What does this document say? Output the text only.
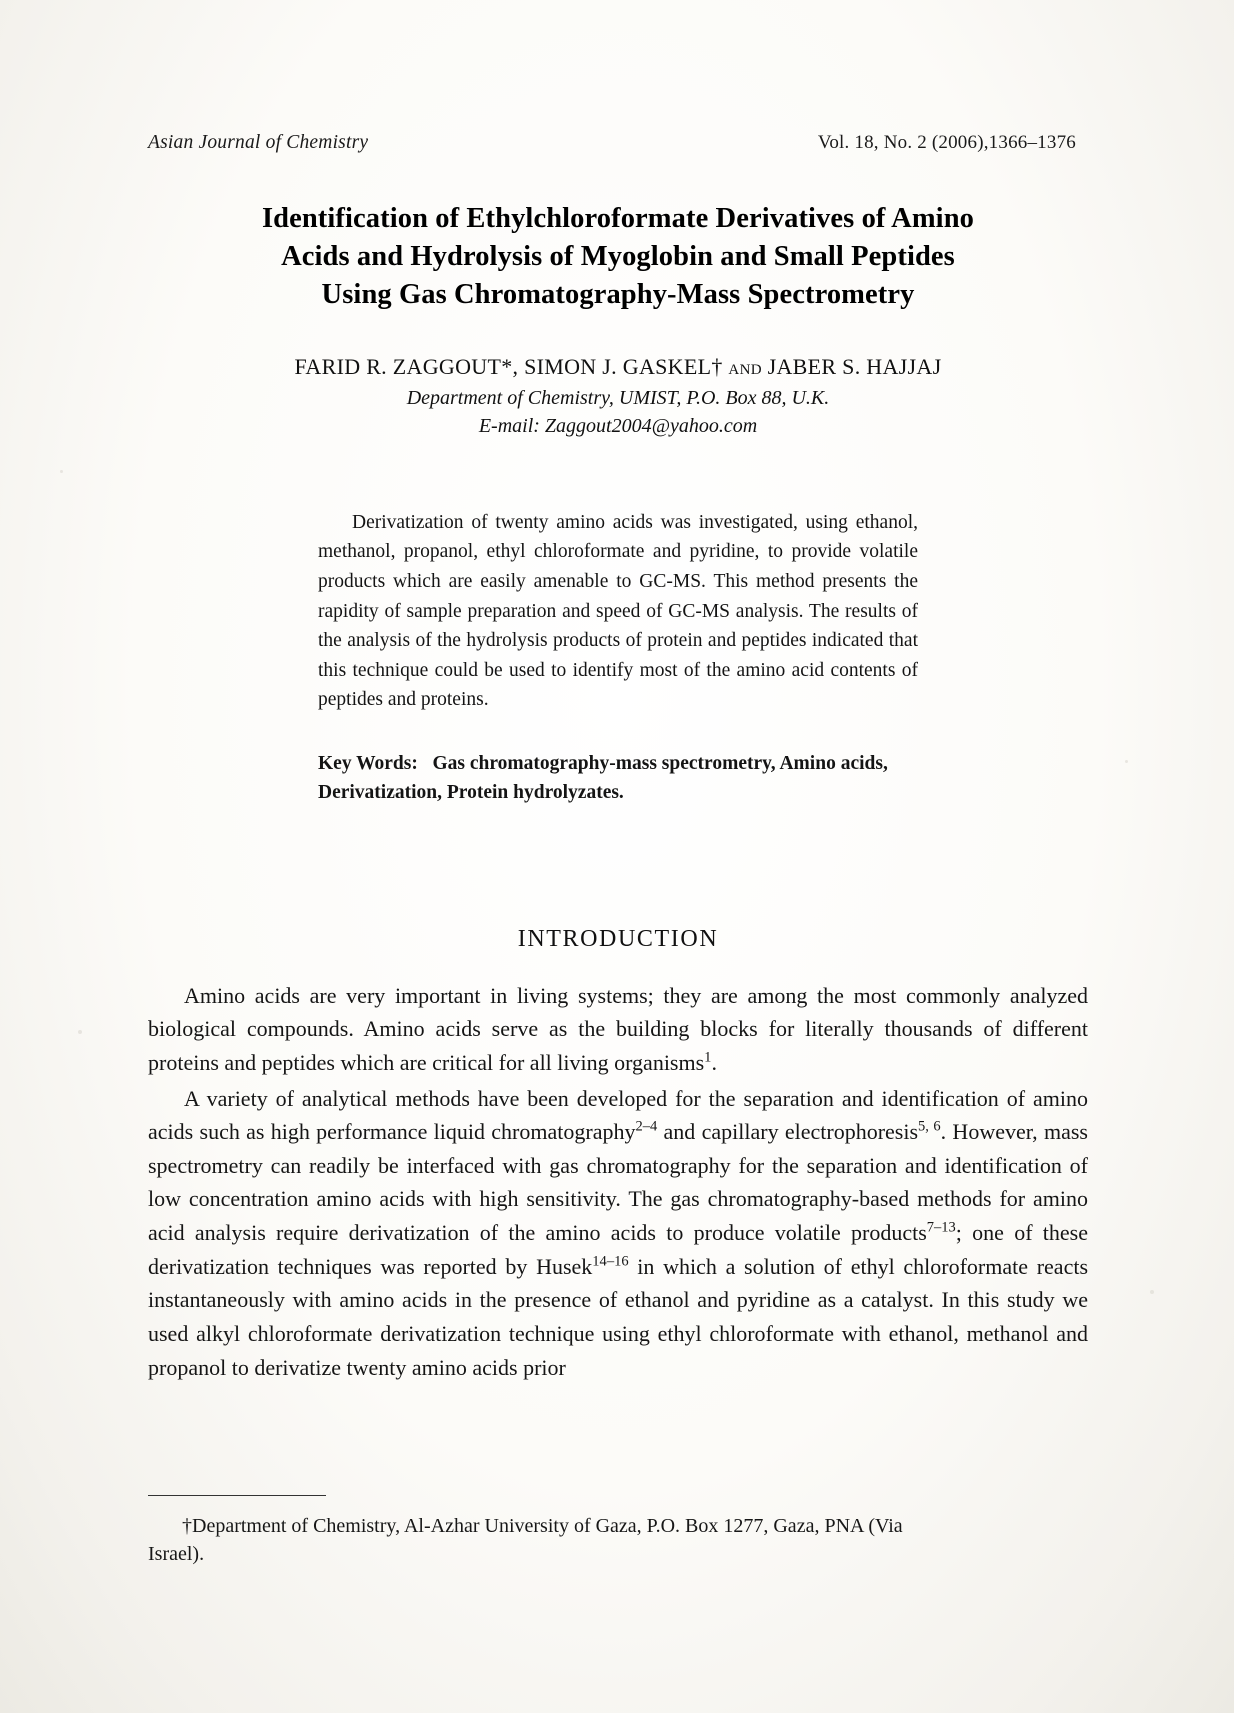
Asian Journal of Chemistry	Vol. 18, No. 2 (2006),1366–1376
Identification of Ethylchloroformate Derivatives of Amino
Acids and Hydrolysis of Myoglobin and Small Peptides
Using Gas Chromatography-Mass Spectrometry
FARID R. ZAGGOUT*, SIMON J. GASKEL† and JABER S. HAJJAJ
Department of Chemistry, UMIST, P.O. Box 88, U.K.
E-mail: Zaggout2004@yahoo.com

Derivatization of twenty amino acids was investigated, using ethanol, methanol, propanol, ethyl chloroformate and pyridine, to provide volatile products which are easily amenable to GC-MS. This method presents the rapidity of sample preparation and speed of GC-MS analysis. The results of the analysis of the hydrolysis products of protein and peptides indicated that this technique could be used to identify most of the amino acid contents of peptides and proteins.

Key Words: Gas chromatography-mass spectrometry, Amino acids, Derivatization, Protein hydrolyzates.
INTRODUCTION

Amino acids are very important in living systems; they are among the most commonly analyzed biological compounds. Amino acids serve as the building blocks for literally thousands of different proteins and peptides which are critical for all living organisms$^1$.

A variety of analytical methods have been developed for the separation and identification of amino acids such as high performance liquid chromatography$^{2-4}$ and capillary electrophoresis$^{5, 6}$. However, mass spectrometry can readily be interfaced with gas chromatography for the separation and identification of low concentration amino acids with high sensitivity. The gas chromatography-based methods for amino acid analysis require derivatization of the amino acids to produce volatile products$^{7-13}$; one of these derivatization techniques was reported by Husek$^{14-16}$ in which a solution of ethyl chloroformate reacts instantaneously with amino acids in the presence of ethanol and pyridine as a catalyst. In this study we used alkyl chloroformate derivatization technique using ethyl chloroformate with ethanol, methanol and propanol to derivatize twenty amino acids prior

†Department of Chemistry, Al-Azhar University of Gaza, P.O. Box 1277, Gaza, PNA (Via
Israel).
